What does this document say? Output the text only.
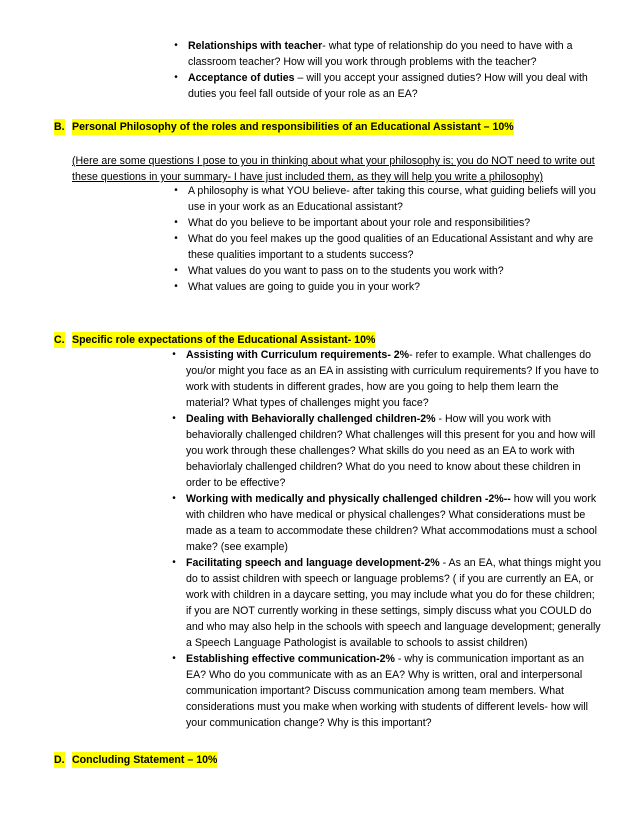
• Relationships with teacher- what type of relationship do you need to have with a classroom teacher? How will you work through problems with the teacher?
• Acceptance of duties – will you accept your assigned duties? How will you deal with duties you feel fall outside of your role as an EA?
B. Personal Philosophy of the roles and responsibilities of an Educational Assistant – 10%
(Here are some questions I pose to you in thinking about what your philosophy is; you do NOT need to write out these questions in your summary- I have just included them, as they will help you write a philosophy)
• A philosophy is what YOU believe- after taking this course, what guiding beliefs will you use in your work as an Educational assistant?
• What do you believe to be important about your role and responsibilities?
• What do you feel makes up the good qualities of an Educational Assistant and why are these qualities important to a students success?
• What values do you want to pass on to the students you work with?
• What values are going to guide you in your work?
C. Specific role expectations of the Educational Assistant- 10%
• Assisting with Curriculum requirements- 2%- refer to example. What challenges do you/or might you face as an EA in assisting with curriculum requirements? If you have to work with students in different grades, how are you going to help them learn the material? What types of challenges might you face?
• Dealing with Behaviorally challenged children-2% - How will you work with behaviorally challenged children? What challenges will this present for you and how will you work through these challenges? What skills do you need as an EA to work with behaviorlaly challenged children? What do you need to know about these children in order to be effective?
• Working with medically and physically challenged children -2%-- how will you work with children who have medical or physical challenges? What considerations must be made as a team to accommodate these children? What accommodations must a school make? (see example)
• Facilitating speech and language development-2% - As an EA, what things might you do to assist children with speech or language problems? ( if you are currently an EA, or work with children in a daycare setting, you may include what you do for these children; if you are NOT currently working in these settings, simply discuss what you COULD do and who may also help in the schools with speech and language development; generally a Speech Language Pathologist is available to schools to assist children)
• Establishing effective communication-2% - why is communication important as an EA? Who do you communicate with as an EA? Why is written, oral and interpersonal communication important? Discuss communication among team members. What considerations must you make when working with students of different levels- how will your communication change? Why is this important?
D. Concluding Statement – 10%
